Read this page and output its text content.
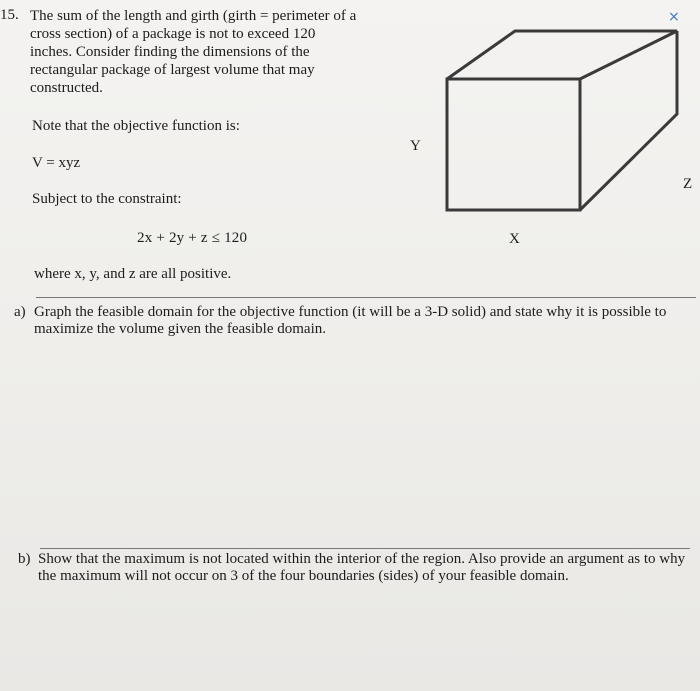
15. The sum of the length and girth (girth = perimeter of a
cross section) of a package is not to exceed 120
inches. Consider finding the dimensions of the
rectangular package of largest volume that may
constructed.
Note that the objective function is:
V = xyz
Subject to the constraint:
2x + 2y + z ≤ 120
where x, y, and z are all positive.
Y
X
Z
×
a) Graph the feasible domain for the objective function (it will be a 3-D solid) and state why it is possible to maximize the volume given the feasible domain.
b) Show that the maximum is not located within the interior of the region. Also provide an argument as to why the maximum will not occur on 3 of the four boundaries (sides) of your feasible domain.
